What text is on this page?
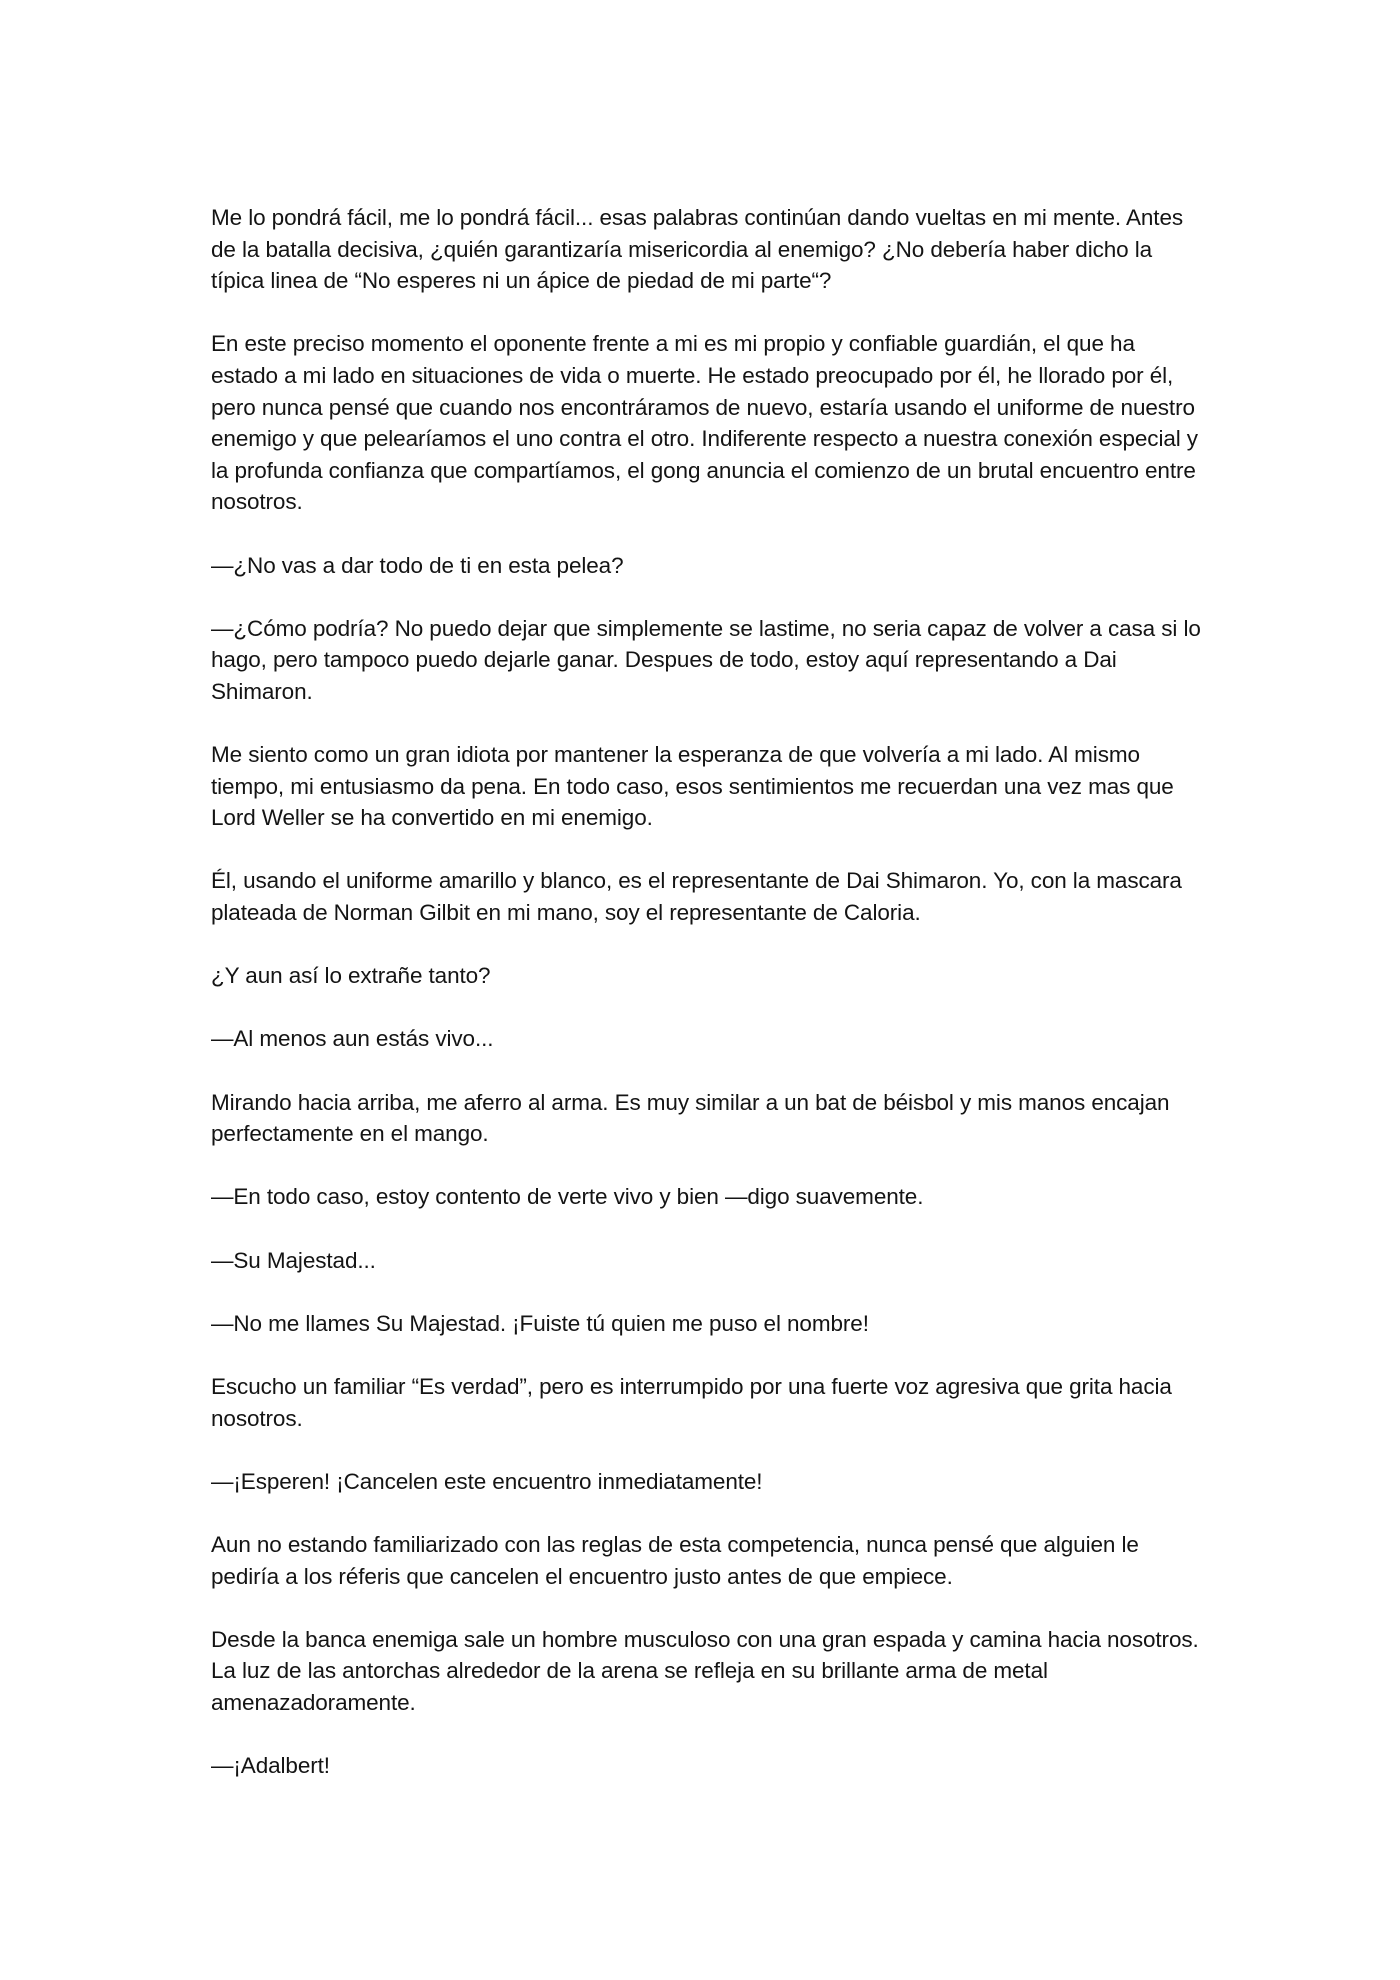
Me lo pondrá fácil, me lo pondrá fácil... esas palabras continúan dando vueltas en mi mente. Antes de la batalla decisiva, ¿quién garantizaría misericordia al enemigo? ¿No debería haber dicho la típica linea de “No esperes ni un ápice de piedad de mi parte“?

En este preciso momento el oponente frente a mi es mi propio y confiable guardián, el que ha estado a mi lado en situaciones de vida o muerte. He estado preocupado por él, he llorado por él, pero nunca pensé que cuando nos encontráramos de nuevo, estaría usando el uniforme de nuestro enemigo y que pelearíamos el uno contra el otro. Indiferente respecto a nuestra conexión especial y la profunda confianza que compartíamos, el gong anuncia el comienzo de un brutal encuentro entre nosotros.

—¿No vas a dar todo de ti en esta pelea?

—¿Cómo podría? No puedo dejar que simplemente se lastime, no seria capaz de volver a casa si lo hago, pero tampoco puedo dejarle ganar. Despues de todo, estoy aquí representando a Dai Shimaron.

Me siento como un gran idiota por mantener la esperanza de que volvería a mi lado. Al mismo tiempo, mi entusiasmo da pena. En todo caso, esos sentimientos me recuerdan una vez mas que Lord Weller se ha convertido en mi enemigo.

Él, usando el uniforme amarillo y blanco, es el representante de Dai Shimaron. Yo, con la mascara plateada de Norman Gilbit en mi mano, soy el representante de Caloria.

¿Y aun así lo extrañe tanto?

—Al menos aun estás vivo...

Mirando hacia arriba, me aferro al arma. Es muy similar a un bat de béisbol y mis manos encajan perfectamente en el mango.

—En todo caso, estoy contento de verte vivo y bien —digo suavemente.

—Su Majestad...

—No me llames Su Majestad. ¡Fuiste tú quien me puso el nombre!

Escucho un familiar “Es verdad”, pero es interrumpido por una fuerte voz agresiva que grita hacia nosotros.

—¡Esperen! ¡Cancelen este encuentro inmediatamente!

Aun no estando familiarizado con las reglas de esta competencia, nunca pensé que alguien le pediría a los réferis que cancelen el encuentro justo antes de que empiece.

Desde la banca enemiga sale un hombre musculoso con una gran espada y camina hacia nosotros. La luz de las antorchas alrededor de la arena se refleja en su brillante arma de metal amenazadoramente.

—¡Adalbert!
